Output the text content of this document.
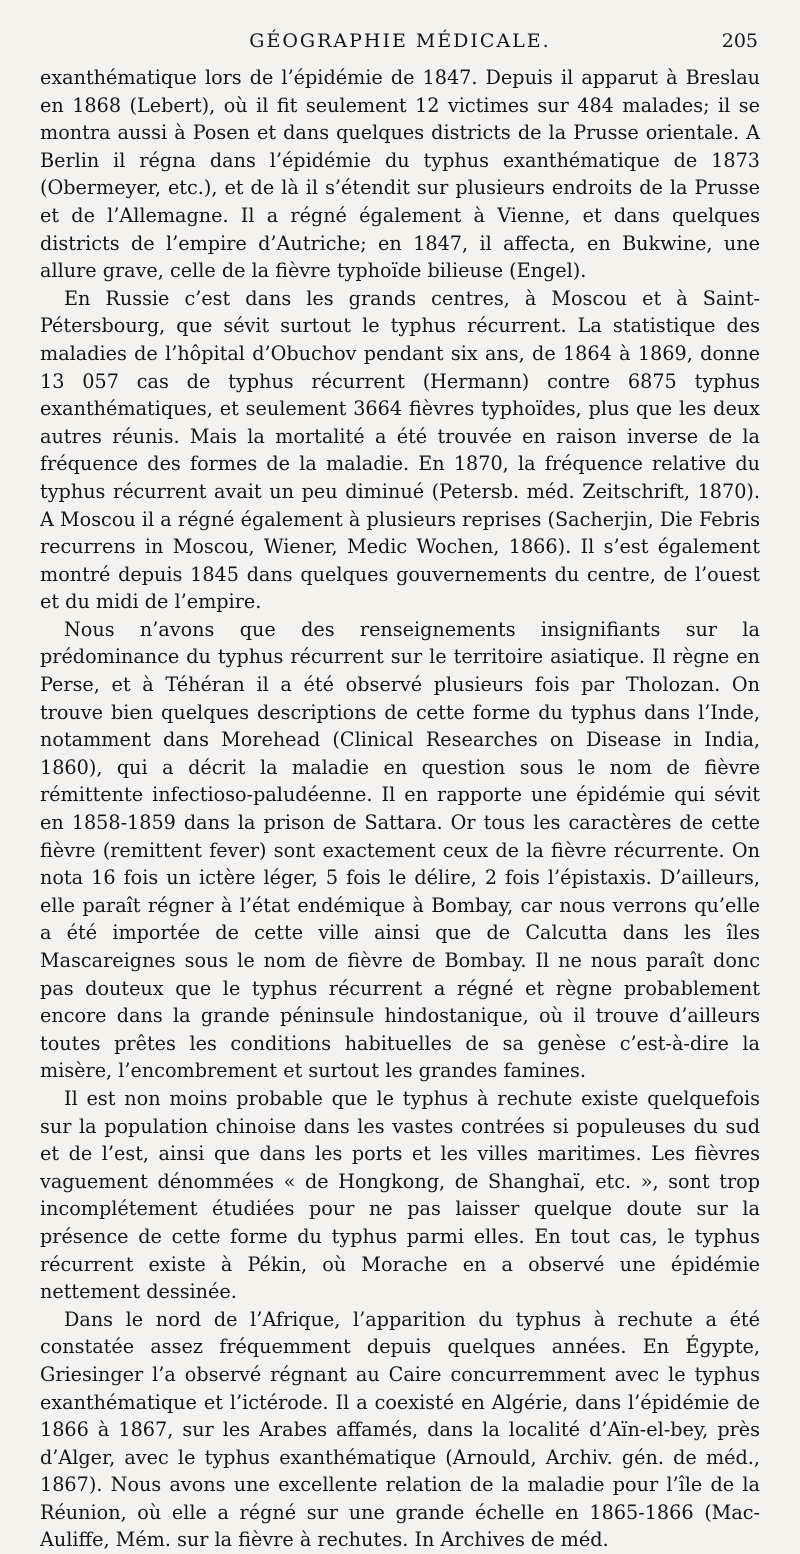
GÉOGRAPHIE MÉDICALE.	205

exanthématique lors de l’épidémie de 1847. Depuis il apparut à Breslau en 1868 (Lebert), où il fit seulement 12 victimes sur 484 malades; il se montra aussi à Posen et dans quelques districts de la Prusse orientale. A Berlin il régna dans l’épidémie du typhus exanthématique de 1873 (Obermeyer, etc.), et de là il s’étendit sur plusieurs endroits de la Prusse et de l’Allemagne. Il a régné également à Vienne, et dans quelques districts de l’empire d’Autriche; en 1847, il affecta, en Bukwine, une allure grave, celle de la fièvre typhoïde bilieuse (Engel).

En Russie c’est dans les grands centres, à Moscou et à Saint-Pétersbourg, que sévit surtout le typhus récurrent. La statistique des maladies de l’hôpital d’Obuchov pendant six ans, de 1864 à 1869, donne 13 057 cas de typhus récurrent (Hermann) contre 6875 typhus exanthématiques, et seulement 3664 fièvres typhoïdes, plus que les deux autres réunis. Mais la mortalité a été trouvée en raison inverse de la fréquence des formes de la maladie. En 1870, la fréquence relative du typhus récurrent avait un peu diminué (Petersb. méd. Zeitschrift, 1870). A Moscou il a régné également à plusieurs reprises (Sacherjin, Die Febris recurrens in Moscou, Wiener, Medic Wochen, 1866). Il s’est également montré depuis 1845 dans quelques gouvernements du centre, de l’ouest et du midi de l’empire.

Nous n’avons que des renseignements insignifiants sur la prédominance du typhus récurrent sur le territoire asiatique. Il règne en Perse, et à Téhéran il a été observé plusieurs fois par Tholozan. On trouve bien quelques descriptions de cette forme du typhus dans l’Inde, notamment dans Morehead (Clinical Researches on Disease in India, 1860), qui a décrit la maladie en question sous le nom de fièvre rémittente infectioso-paludéenne. Il en rapporte une épidémie qui sévit en 1858-1859 dans la prison de Sattara. Or tous les caractères de cette fièvre (remittent fever) sont exactement ceux de la fièvre récurrente. On nota 16 fois un ictère léger, 5 fois le délire, 2 fois l’épistaxis. D’ailleurs, elle paraît régner à l’état endémique à Bombay, car nous verrons qu’elle a été importée de cette ville ainsi que de Calcutta dans les îles Mascareignes sous le nom de fièvre de Bombay. Il ne nous paraît donc pas douteux que le typhus récurrent a régné et règne probablement encore dans la grande péninsule hindostanique, où il trouve d’ailleurs toutes prêtes les conditions habituelles de sa genèse c’est-à-dire la misère, l’encombrement et surtout les grandes famines.

Il est non moins probable que le typhus à rechute existe quelquefois sur la population chinoise dans les vastes contrées si populeuses du sud et de l’est, ainsi que dans les ports et les villes maritimes. Les fièvres vaguement dénommées « de Hongkong, de Shanghaï, etc. », sont trop incomplétement étudiées pour ne pas laisser quelque doute sur la présence de cette forme du typhus parmi elles. En tout cas, le typhus récurrent existe à Pékin, où Morache en a observé une épidémie nettement dessinée.

Dans le nord de l’Afrique, l’apparition du typhus à rechute a été constatée assez fréquemment depuis quelques années. En Égypte, Griesinger l’a observé régnant au Caire concurremment avec le typhus exanthématique et l’ictérode. Il a coexisté en Algérie, dans l’épidémie de 1866 à 1867, sur les Arabes affamés, dans la localité d’Aïn-el-bey, près d’Alger, avec le typhus exanthématique (Arnould, Archiv. gén. de méd., 1867). Nous avons une excellente relation de la maladie pour l’île de la Réunion, où elle a régné sur une grande échelle en 1865-1866 (Mac-Auliffe, Mém. sur la fièvre à rechutes. In Archives de méd.
